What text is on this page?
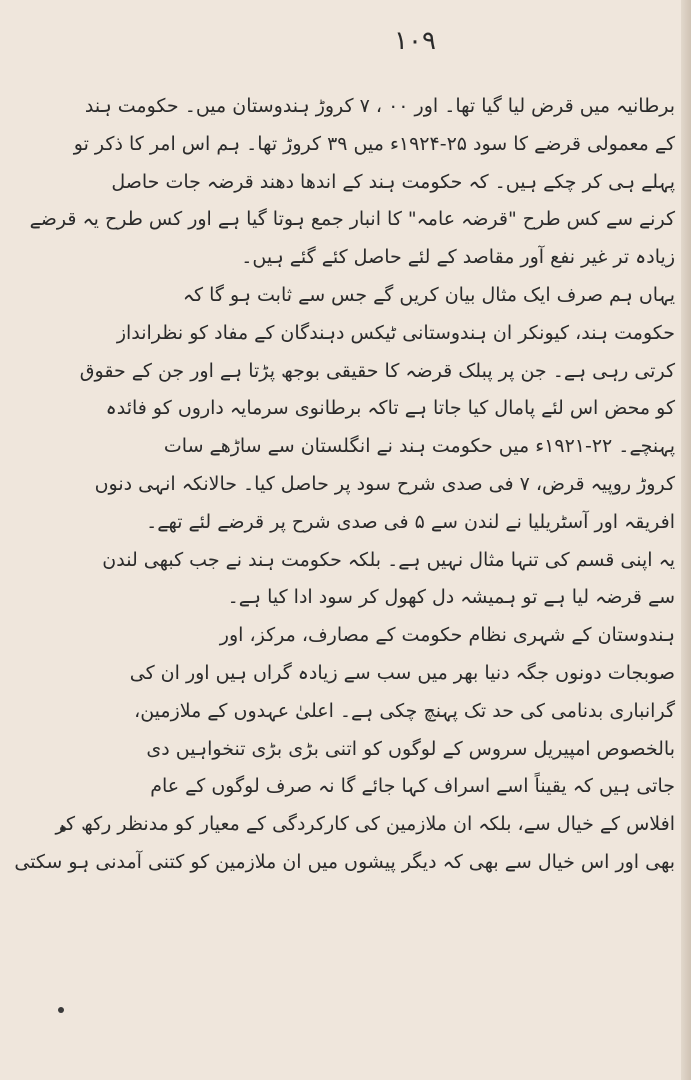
۱۰۹
برطانیہ میں قرض لیا گیا تھا۔ اور ۰۰ ، ۷ کروڑ ہندوستان میں۔ حکومت ہند
کے معمولی قرضے کا سود ۲۵-۱۹۲۴ء میں ۳۹ کروڑ تھا۔ ہم اس امر کا ذکر تو
پہلے ہی کر چکے ہیں۔ کہ حکومت ہند کے اندھا دھند قرضہ جات حاصل
کرنے سے کس طرح "قرضہ عامہ" کا انبار جمع ہوتا گیا ہے اور کس طرح یہ قرضے
زیادہ تر غیر نفع آور مقاصد کے لئے حاصل کئے گئے ہیں۔
یہاں ہم صرف ایک مثال بیان کریں گے جس سے ثابت ہو گا کہ
حکومت ہند، کیونکر ان ہندوستانی ٹیکس دہندگان کے مفاد کو نظرانداز
کرتی رہی ہے۔ جن پر پبلک قرضہ کا حقیقی بوجھ پڑتا ہے اور جن کے حقوق
کو محض اس لئے پامال کیا جاتا ہے تاکہ برطانوی سرمایہ داروں کو فائدہ
پہنچے۔ ۲۲-۱۹۲۱ء میں حکومت ہند نے انگلستان سے ساڑھے سات
کروڑ روپیہ قرض، ۷ فی صدی شرح سود پر حاصل کیا۔ حالانکہ انہی دنوں
افریقہ اور آسٹریلیا نے لندن سے ۵ فی صدی شرح پر قرضے لئے تھے۔
یہ اپنی قسم کی تنہا مثال نہیں ہے۔ بلکہ حکومت ہند نے جب کبھی لندن
سے قرضہ لیا ہے تو ہمیشہ دل کھول کر سود ادا کیا ہے۔
ہندوستان کے شہری نظام حکومت کے مصارف، مرکز، اور
صوبجات دونوں جگہ دنیا بھر میں سب سے زیادہ گراں ہیں اور ان کی
گرانباری بدنامی کی حد تک پہنچ چکی ہے۔ اعلیٰ عہدوں کے ملازمین،
بالخصوص امپیریل سروس کے لوگوں کو اتنی بڑی بڑی تنخواہیں دی
جاتی ہیں کہ یقیناً اسے اسراف کہا جائے گا نہ صرف لوگوں کے عام
افلاس کے خیال سے، بلکہ ان ملازمین کی کارکردگی کے معیار کو مدنظر رکھ کر
بھی اور اس خیال سے بھی کہ دیگر پیشوں میں ان ملازمین کو کتنی آمدنی ہو سکتی
